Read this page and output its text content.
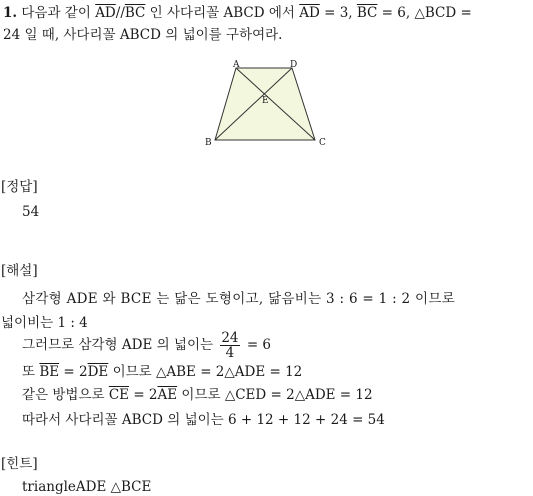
1. 다음과 같이 $\overline{AD}//\overline{BC}$ 인 사다리꼴 ABCD 에서 $\overline{AD} = 3$, $\overline{BC} = 6$, △BCD =
24 일 때, 사다리꼴 ABCD 의 넓이를 구하여라.
A	D
B	C
E
[정답]
54
[해설]
삼각형 ADE 와 BCE 는 닮은 도형이고, 닮음비는 3 : 6 = 1 : 2 이므로
넓이비는 1 : 4
그러므로 삼각형 ADE 의 넓이는 $\frac{24}{4} = 6$
또 $\overline{BE} = 2\overline{DE}$ 이므로 △ABE = 2△ADE = 12
같은 방법으로 $\overline{CE} = 2\overline{AE}$ 이므로 △CED = 2△ADE = 12
따라서 사다리꼴 ABCD 의 넓이는 6 + 12 + 12 + 24 = 54
[힌트]
triangleADE △BCE
